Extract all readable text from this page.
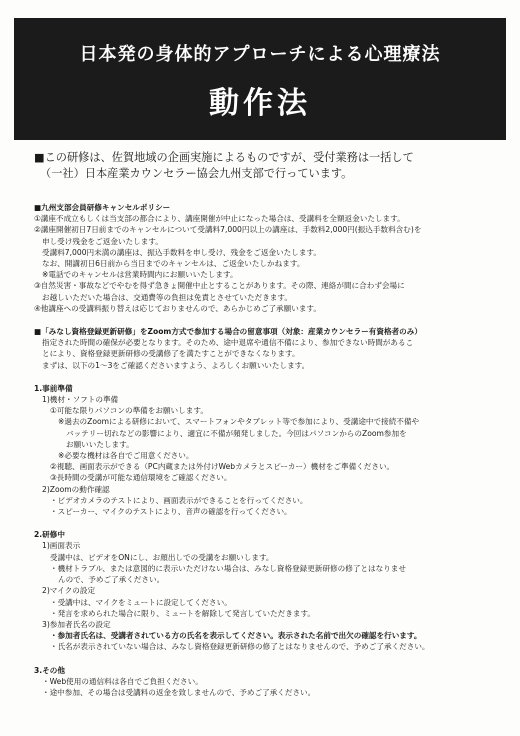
日本発の身体的アプローチによる心理療法
動作法
■この研修は、佐賀地域の企画実施によるものですが、受付業務は一括して
（一社）日本産業カウンセラー協会九州支部で行っています。
■九州支部会員研修キャンセルポリシー
①講座不成立もしくは当支部の都合により、講座開催が中止になった場合は、受講料を全額返金いたします。
②講座開催初日7日前までのキャンセルについて受講料7,000円以上の講座は、手数料2,000円(振込手数料含む)を
申し受け残金をご返金いたします。
受講料7,000円未満の講座は、振込手数料を申し受け、残金をご返金いたします。
なお、開講初日6日前から当日までのキャンセルは、ご返金いたしかねます。
※電話でのキャンセルは営業時間内にお願いいたします。
③自然災害・事故などでやむを得ず急きょ開催中止とすることがあります。その際、連絡が間に合わず会場に
お越しいただいた場合は、交通費等の負担は免責とさせていただきます。
④他講座への受講料振り替えは応じておりませんので、あらかじめご了承願います。
■「みなし資格登録更新研修」をZoom方式で参加する場合の留意事項（対象：産業カウンセラー有資格者のみ）
指定された時間の確保が必要となります。そのため、途中退席や通信不備により、参加できない時間があるこ
とにより、資格登録更新研修の受講修了を満たすことができなくなります。
まずは、以下の1～3をご確認くださいますよう、よろしくお願いいたします。
1.事前準備
1)機材・ソフトの準備
①可能な限りパソコンの準備をお願いします。
※過去のZoomによる研修において、スマートフォンやタブレット等で参加により、受講途中で接続不備や
バッテリー切れなどの影響により、適宜に不備が頻発しました。今回はパソコンからのZoom参加を
お願いいたします。
※必要な機材は各自でご用意ください。
②視聴、画面表示ができる（PC内蔵または外付けWebカメラとスピーカー）機材をご準備ください。
③長時間の受講が可能な通信環境をご確認ください。
2)Zoomの動作確認
・ビデオカメラのテストにより、画面表示ができることを行ってください。
・スピーカー、マイクのテストにより、音声の確認を行ってください。
2.研修中
1)画面表示
受講中は、ビデオをONにし、お顔出しでの受講をお願いします。
・機材トラブル、または意図的に表示いただけない場合は、みなし資格登録更新研修の修了とはなりませ
んので、予めご了承ください。
2)マイクの設定
・受講中は、マイクをミュートに設定してください。
・発言を求められた場合に限り、ミュートを解除して発言していただきます。
3)参加者氏名の設定
・参加者氏名は、受講者されている方の氏名を表示してください。表示された名前で出欠の確認を行います。
・氏名が表示されていない場合は、みなし資格登録更新研修の修了とはなりませんので、予めご了承ください。
3.その他
・Web使用の通信料は各自でご負担ください。
・途中参加、その場合は受講料の返金を致しませんので、予めご了承ください。
